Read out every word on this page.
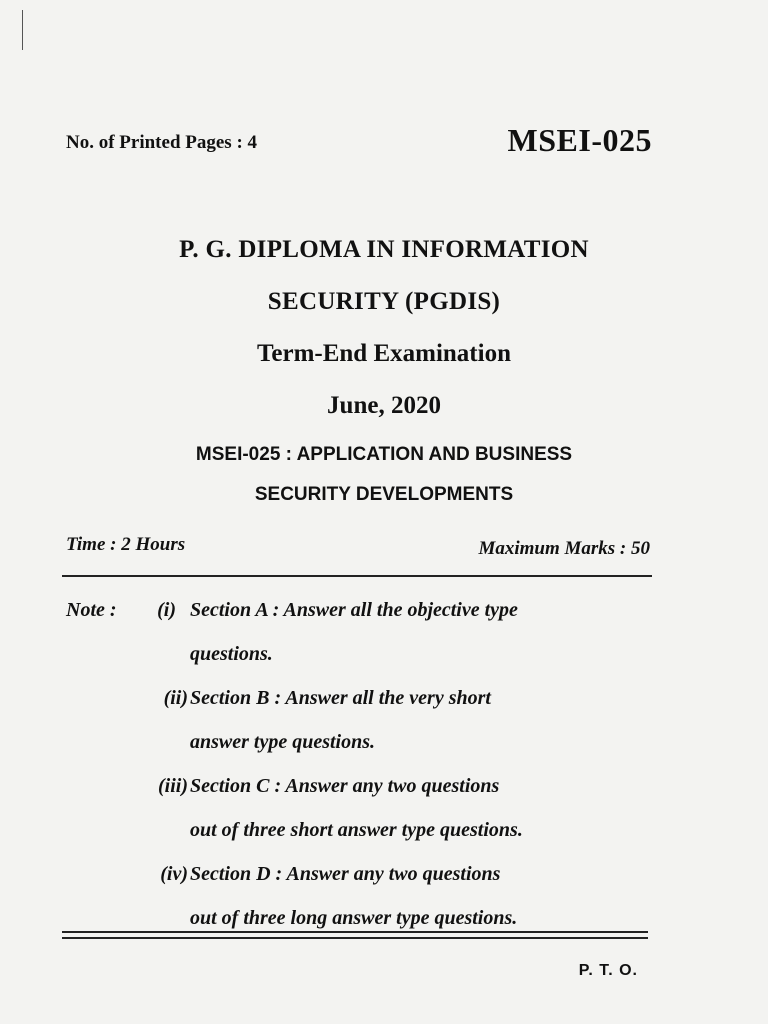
No. of Printed Pages : 4	MSEI-025
P. G. DIPLOMA IN INFORMATION
SECURITY (PGDIS)
Term-End Examination
June, 2020
MSEI-025 : APPLICATION AND BUSINESS
SECURITY DEVELOPMENTS
Time : 2 Hours	Maximum Marks : 50
Note :	(i) Section A : Answer all the objective type
questions.
(ii) Section B : Answer all the very short
answer type questions.
(iii) Section C : Answer any two questions
out of three short answer type questions.
(iv) Section D : Answer any two questions
out of three long answer type questions.
P. T. O.
